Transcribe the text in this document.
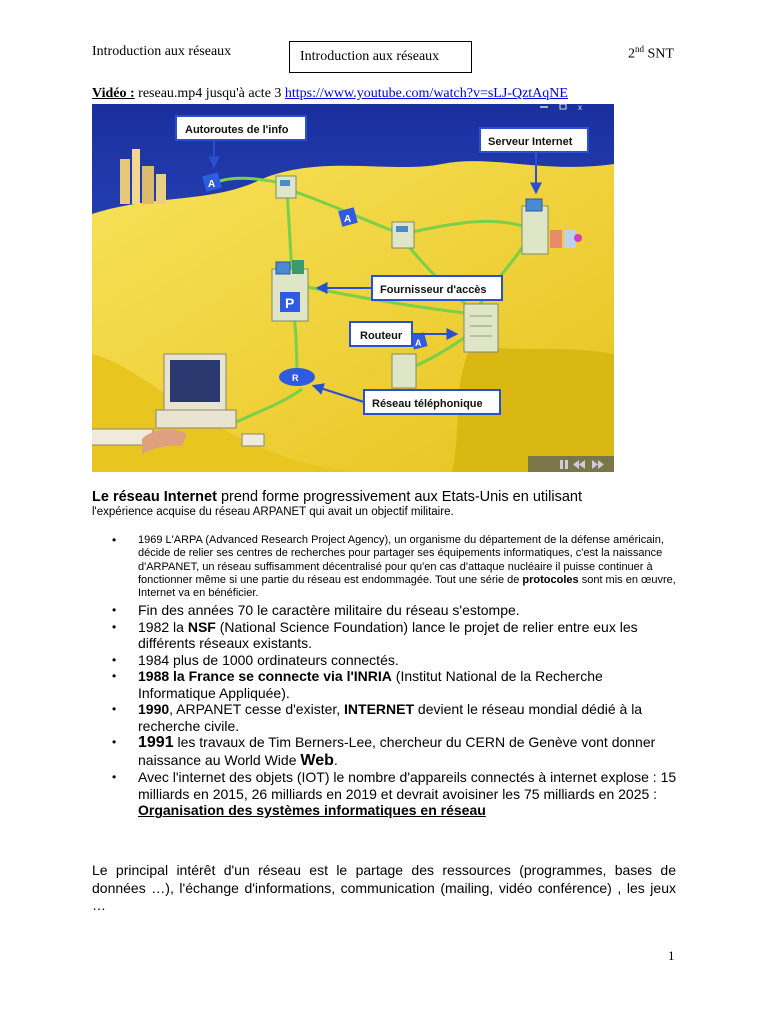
Introduction aux réseaux	Introduction aux réseaux	2nd SNT
Vidéo : reseau.mp4 jusqu'à acte 3 https://www.youtube.com/watch?v=sLJ-QztAqNE
A
A
A
P
R
Autoroutes de l'info
Serveur Internet
Fournisseur d'accès
Routeur
Réseau téléphonique
x
Le réseau Internet prend forme progressivement aux Etats-Unis en utilisant
l'expérience acquise du réseau ARPANET qui avait un objectif militaire.
• 1969 L'ARPA (Advanced Research Project Agency), un organisme du département de la défense américain, décide de relier ses centres de recherches pour partager ses équipements informatiques, c'est la naissance d'ARPANET, un réseau suffisamment décentralisé pour qu'en cas d'attaque nucléaire il puisse continuer à fonctionner même si une partie du réseau est endommagée. Tout une série de protocoles sont mis en œuvre, Internet va en bénéficier.
• Fin des années 70 le caractère militaire du réseau s'estompe.
• 1982 la NSF (National Science Foundation) lance le projet de relier entre eux les différents réseaux existants.
• 1984 plus de 1000 ordinateurs connectés.
• 1988 la France se connecte via l'INRIA (Institut National de la Recherche Informatique Appliquée).
• 1990, ARPANET cesse d'exister, INTERNET devient le réseau mondial dédié à la recherche civile.
• 1991 les travaux de Tim Berners-Lee, chercheur du CERN de Genève vont donner naissance au World Wide Web.
• Avec l'internet des objets (IOT) le nombre d'appareils connectés à internet explose : 15 milliards en 2015, 26 milliards en 2019 et devrait avoisiner les 75 milliards en 2025 :
Organisation des systèmes informatiques en réseau
Le principal intérêt d'un réseau est le partage des ressources (programmes, bases de données …), l'échange d'informations, communication (mailing, vidéo conférence) , les jeux …
1
